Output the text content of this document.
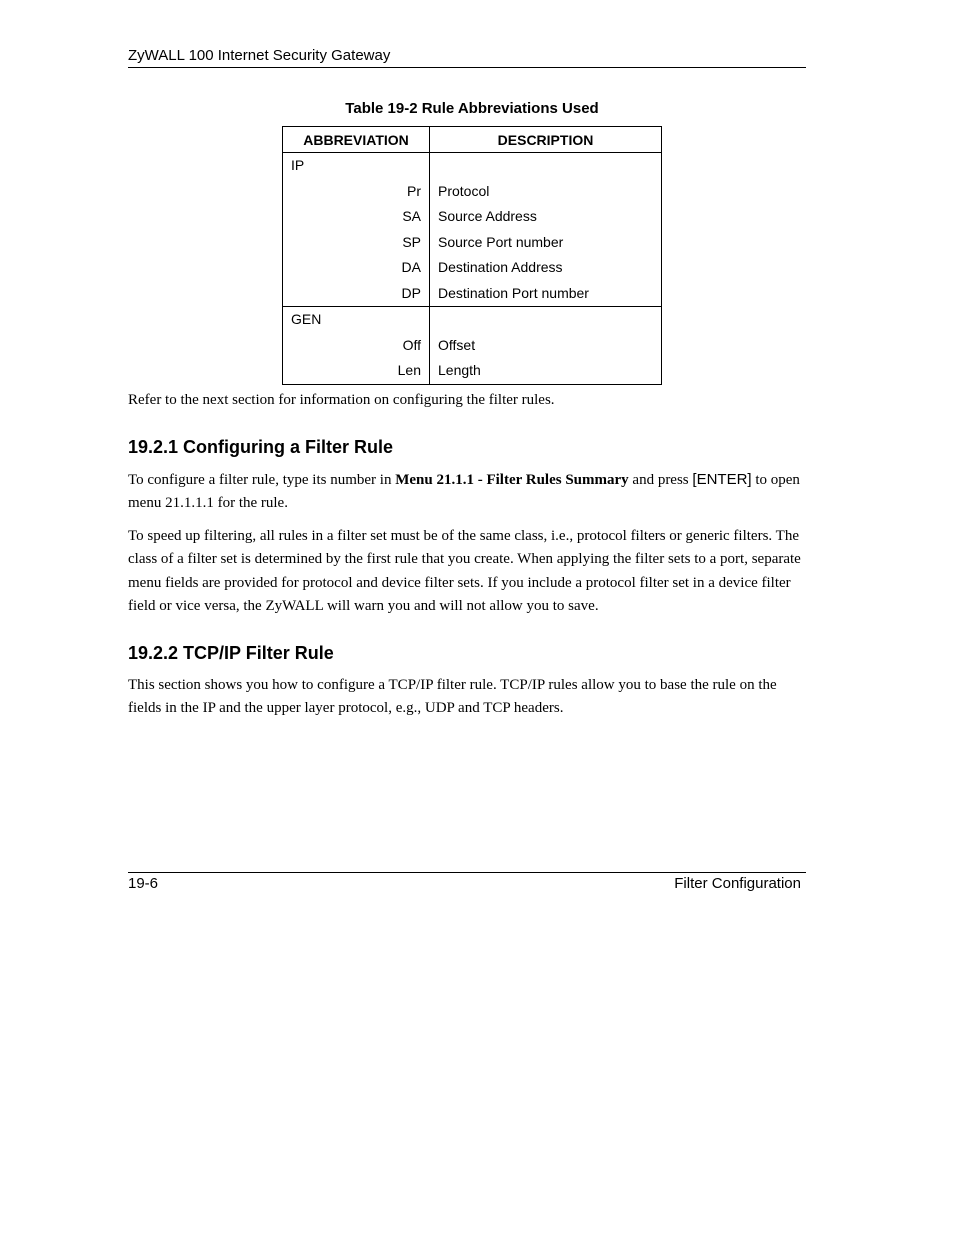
ZyWALL 100 Internet Security Gateway
Table 19-2 Rule Abbreviations Used
ABBREVIATION	DESCRIPTION
IP	
Pr	Protocol
SA	Source Address
SP	Source Port number
DA	Destination Address
DP	Destination Port number
GEN	
Off	Offset
Len	Length

Refer to the next section for information on configuring the filter rules.

19.2.1 Configuring a Filter Rule

To configure a filter rule, type its number in Menu 21.1.1 - Filter Rules Summary and press [ENTER] to open menu 21.1.1.1 for the rule.

To speed up filtering, all rules in a filter set must be of the same class, i.e., protocol filters or generic filters. The class of a filter set is determined by the first rule that you create. When applying the filter sets to a port, separate menu fields are provided for protocol and device filter sets. If you include a protocol filter set in a device filter field or vice versa, the ZyWALL will warn you and will not allow you to save.

19.2.2 TCP/IP Filter Rule

This section shows you how to configure a TCP/IP filter rule. TCP/IP rules allow you to base the rule on the fields in the IP and the upper layer protocol, e.g., UDP and TCP headers.

19-6	Filter Configuration
